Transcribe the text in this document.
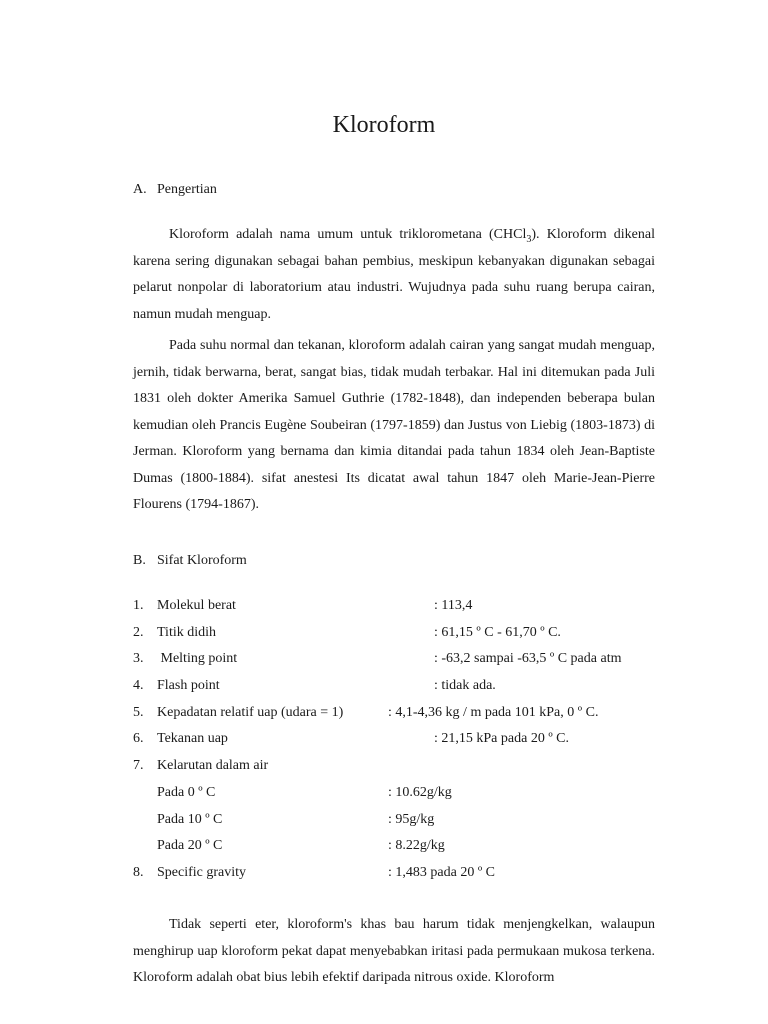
Kloroform
A. Pengertian

Kloroform adalah nama umum untuk triklorometana (CHCl$_3$). Kloroform dikenal karena sering digunakan sebagai bahan pembius, meskipun kebanyakan digunakan sebagai pelarut nonpolar di laboratorium atau industri. Wujudnya pada suhu ruang berupa cairan, namun mudah menguap.

Pada suhu normal dan tekanan, kloroform adalah cairan yang sangat mudah menguap, jernih, tidak berwarna, berat, sangat bias, tidak mudah terbakar. Hal ini ditemukan pada Juli 1831 oleh dokter Amerika Samuel Guthrie (1782-1848), dan independen beberapa bulan kemudian oleh Prancis Eugène Soubeiran (1797-1859) dan Justus von Liebig (1803-1873) di Jerman. Kloroform yang bernama dan kimia ditandai pada tahun 1834 oleh Jean-Baptiste Dumas (1800-1884). sifat anestesi Its dicatat awal tahun 1847 oleh Marie-Jean-Pierre Flourens (1794-1867).

B. Sifat Kloroform
1. Molekul berat	: 113,4
2. Titik didih	: 61,15 º C - 61,70 º C.
3. Melting point	: -63,2 sampai -63,5 º C pada atm
4. Flash point	: tidak ada.
5. Kepadatan relatif uap (udara = 1)	: 4,1-4,36 kg / m pada 101 kPa, 0 º C.
6. Tekanan uap	: 21,15 kPa pada 20 º C.
7. Kelarutan dalam air
Pada 0 º C	: 10.62g/kg
Pada 10 º C	: 95g/kg
Pada 20 º C	: 8.22g/kg
8. Specific gravity	: 1,483 pada 20 º C

Tidak seperti eter, kloroform's khas bau harum tidak menjengkelkan, walaupun menghirup uap kloroform pekat dapat menyebabkan iritasi pada permukaan mukosa terkena. Kloroform adalah obat bius lebih efektif daripada nitrous oxide. Kloroform
